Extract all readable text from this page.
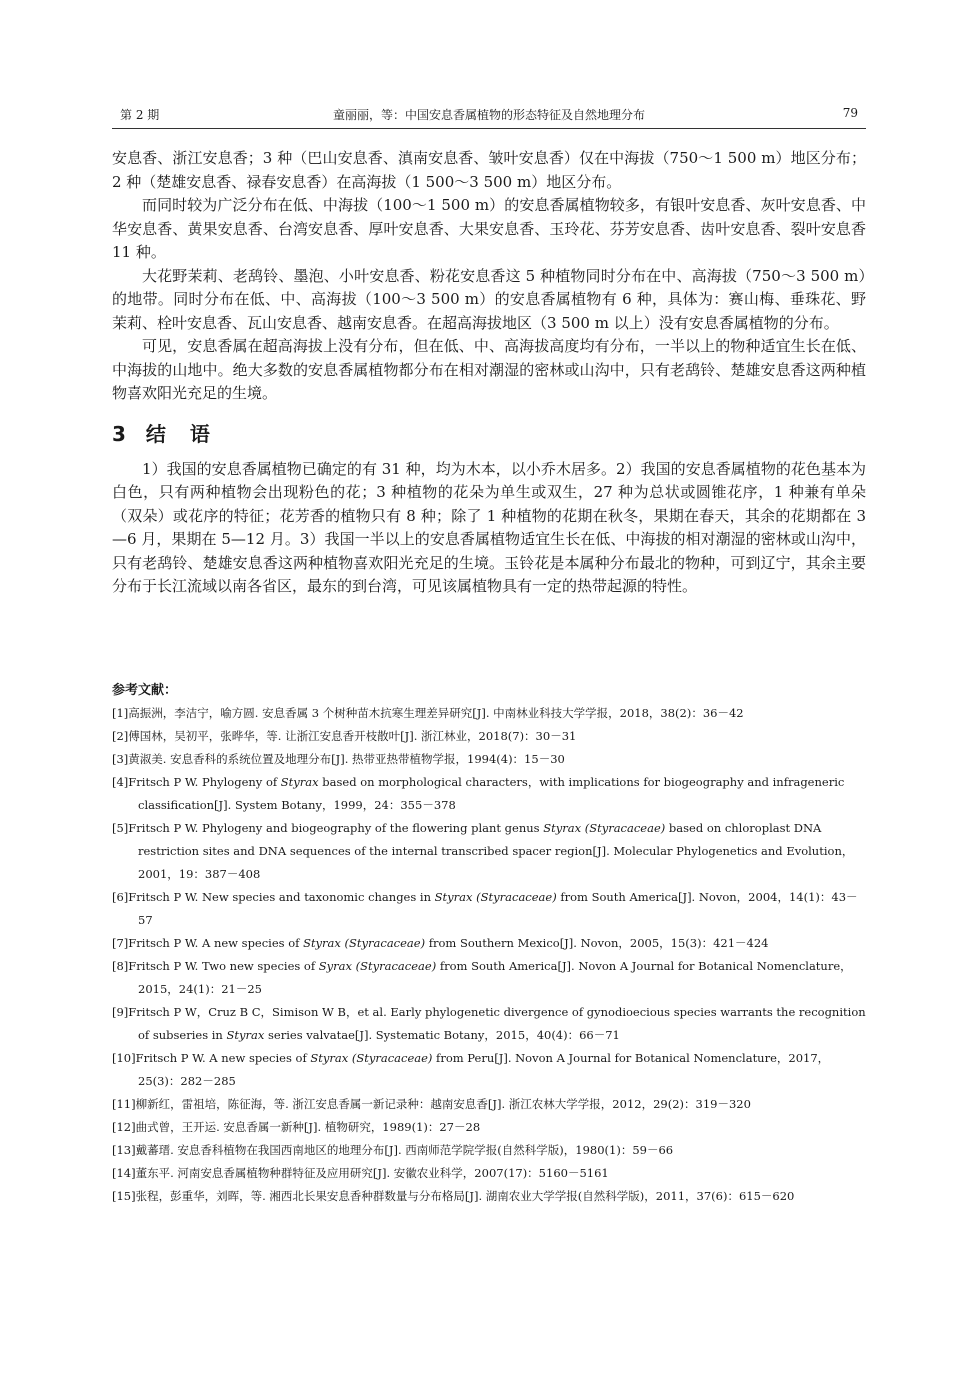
第 2 期	童丽丽，等：中国安息香属植物的形态特征及自然地理分布	79

安息香、浙江安息香；3 种（巴山安息香、滇南安息香、皱叶安息香）仅在中海拔（750～1 500 m）地区分布；2 种（楚雄安息香、禄春安息香）在高海拔（1 500～3 500 m）地区分布。

而同时较为广泛分布在低、中海拔（100～1 500 m）的安息香属植物较多，有银叶安息香、灰叶安息香、中华安息香、黄果安息香、台湾安息香、厚叶安息香、大果安息香、玉玲花、芬芳安息香、齿叶安息香、裂叶安息香 11 种。

大花野茉莉、老鸹铃、墨泡、小叶安息香、粉花安息香这 5 种植物同时分布在中、高海拔（750～3 500 m）的地带。同时分布在低、中、高海拔（100～3 500 m）的安息香属植物有 6 种，具体为：赛山梅、垂珠花、野茉莉、栓叶安息香、瓦山安息香、越南安息香。在超高海拔地区（3 500 m 以上）没有安息香属植物的分布。

可见，安息香属在超高海拔上没有分布，但在低、中、高海拔高度均有分布，一半以上的物种适宜生长在低、中海拔的山地中。绝大多数的安息香属植物都分布在相对潮湿的密林或山沟中，只有老鸹铃、楚雄安息香这两种植物喜欢阳光充足的生境。

3 结　语

1）我国的安息香属植物已确定的有 31 种，均为木本，以小乔木居多。2）我国的安息香属植物的花色基本为白色，只有两种植物会出现粉色的花；3 种植物的花朵为单生或双生，27 种为总状或圆锥花序，1 种兼有单朵（双朵）或花序的特征；花芳香的植物只有 8 种；除了 1 种植物的花期在秋冬，果期在春天，其余的花期都在 3—6 月，果期在 5—12 月。3）我国一半以上的安息香属植物适宜生长在低、中海拔的相对潮湿的密林或山沟中，只有老鸹铃、楚雄安息香这两种植物喜欢阳光充足的生境。玉铃花是本属种分布最北的物种，可到辽宁，其余主要分布于长江流域以南各省区，最东的到台湾，可见该属植物具有一定的热带起源的特性。

参考文献：
[1]高振洲，李洁宁，喻方圆. 安息香属 3 个树种苗木抗寒生理差异研究[J]. 中南林业科技大学学报，2018，38(2)：36－42
[2]傅国林，吴初平，张晔华，等. 让浙江安息香开枝散叶[J]. 浙江林业，2018(7)：30－31
[3]黄淑美. 安息香科的系统位置及地理分布[J]. 热带亚热带植物学报，1994(4)：15－30
[4]Fritsch P W. Phylogeny of Styrax based on morphological characters，with implications for biogeography and infrageneric classification[J]. System Botany，1999，24：355－378
[5]Fritsch P W. Phylogeny and biogeography of the flowering plant genus Styrax (Styracaceae) based on chloroplast DNA restriction sites and DNA sequences of the internal transcribed spacer region[J]. Molecular Phylogenetics and Evolution，2001，19：387－408
[6]Fritsch P W. New species and taxonomic changes in Styrax (Styracaceae) from South America[J]. Novon，2004，14(1)：43－57
[7]Fritsch P W. A new species of Styrax (Styracaceae) from Southern Mexico[J]. Novon，2005，15(3)：421－424
[8]Fritsch P W. Two new species of Syrax (Styracaceae) from South America[J]. Novon A Journal for Botanical Nomenclature，2015，24(1)：21－25
[9]Fritsch P W，Cruz B C，Simison W B，et al. Early phylogenetic divergence of gynodioecious species warrants the recognition of subseries in Styrax series valvatae[J]. Systematic Botany，2015，40(4)：66－71
[10]Fritsch P W. A new species of Styrax (Styracaceae) from Peru[J]. Novon A Journal for Botanical Nomenclature，2017，25(3)：282－285
[11]柳新红，雷祖培，陈征海，等. 浙江安息香属一新记录种：越南安息香[J]. 浙江农林大学学报，2012，29(2)：319－320
[12]曲式曾，王开运. 安息香属一新种[J]. 植物研究，1989(1)：27－28
[13]戴蕃瑨. 安息香科植物在我国西南地区的地理分布[J]. 西南师范学院学报(自然科学版)，1980(1)：59－66
[14]董东平. 河南安息香属植物种群特征及应用研究[J]. 安徽农业科学，2007(17)：5160－5161
[15]张程，彭重华，刘晖，等. 湘西北长果安息香种群数量与分布格局[J]. 湖南农业大学学报(自然科学版)，2011，37(6)：615－620
